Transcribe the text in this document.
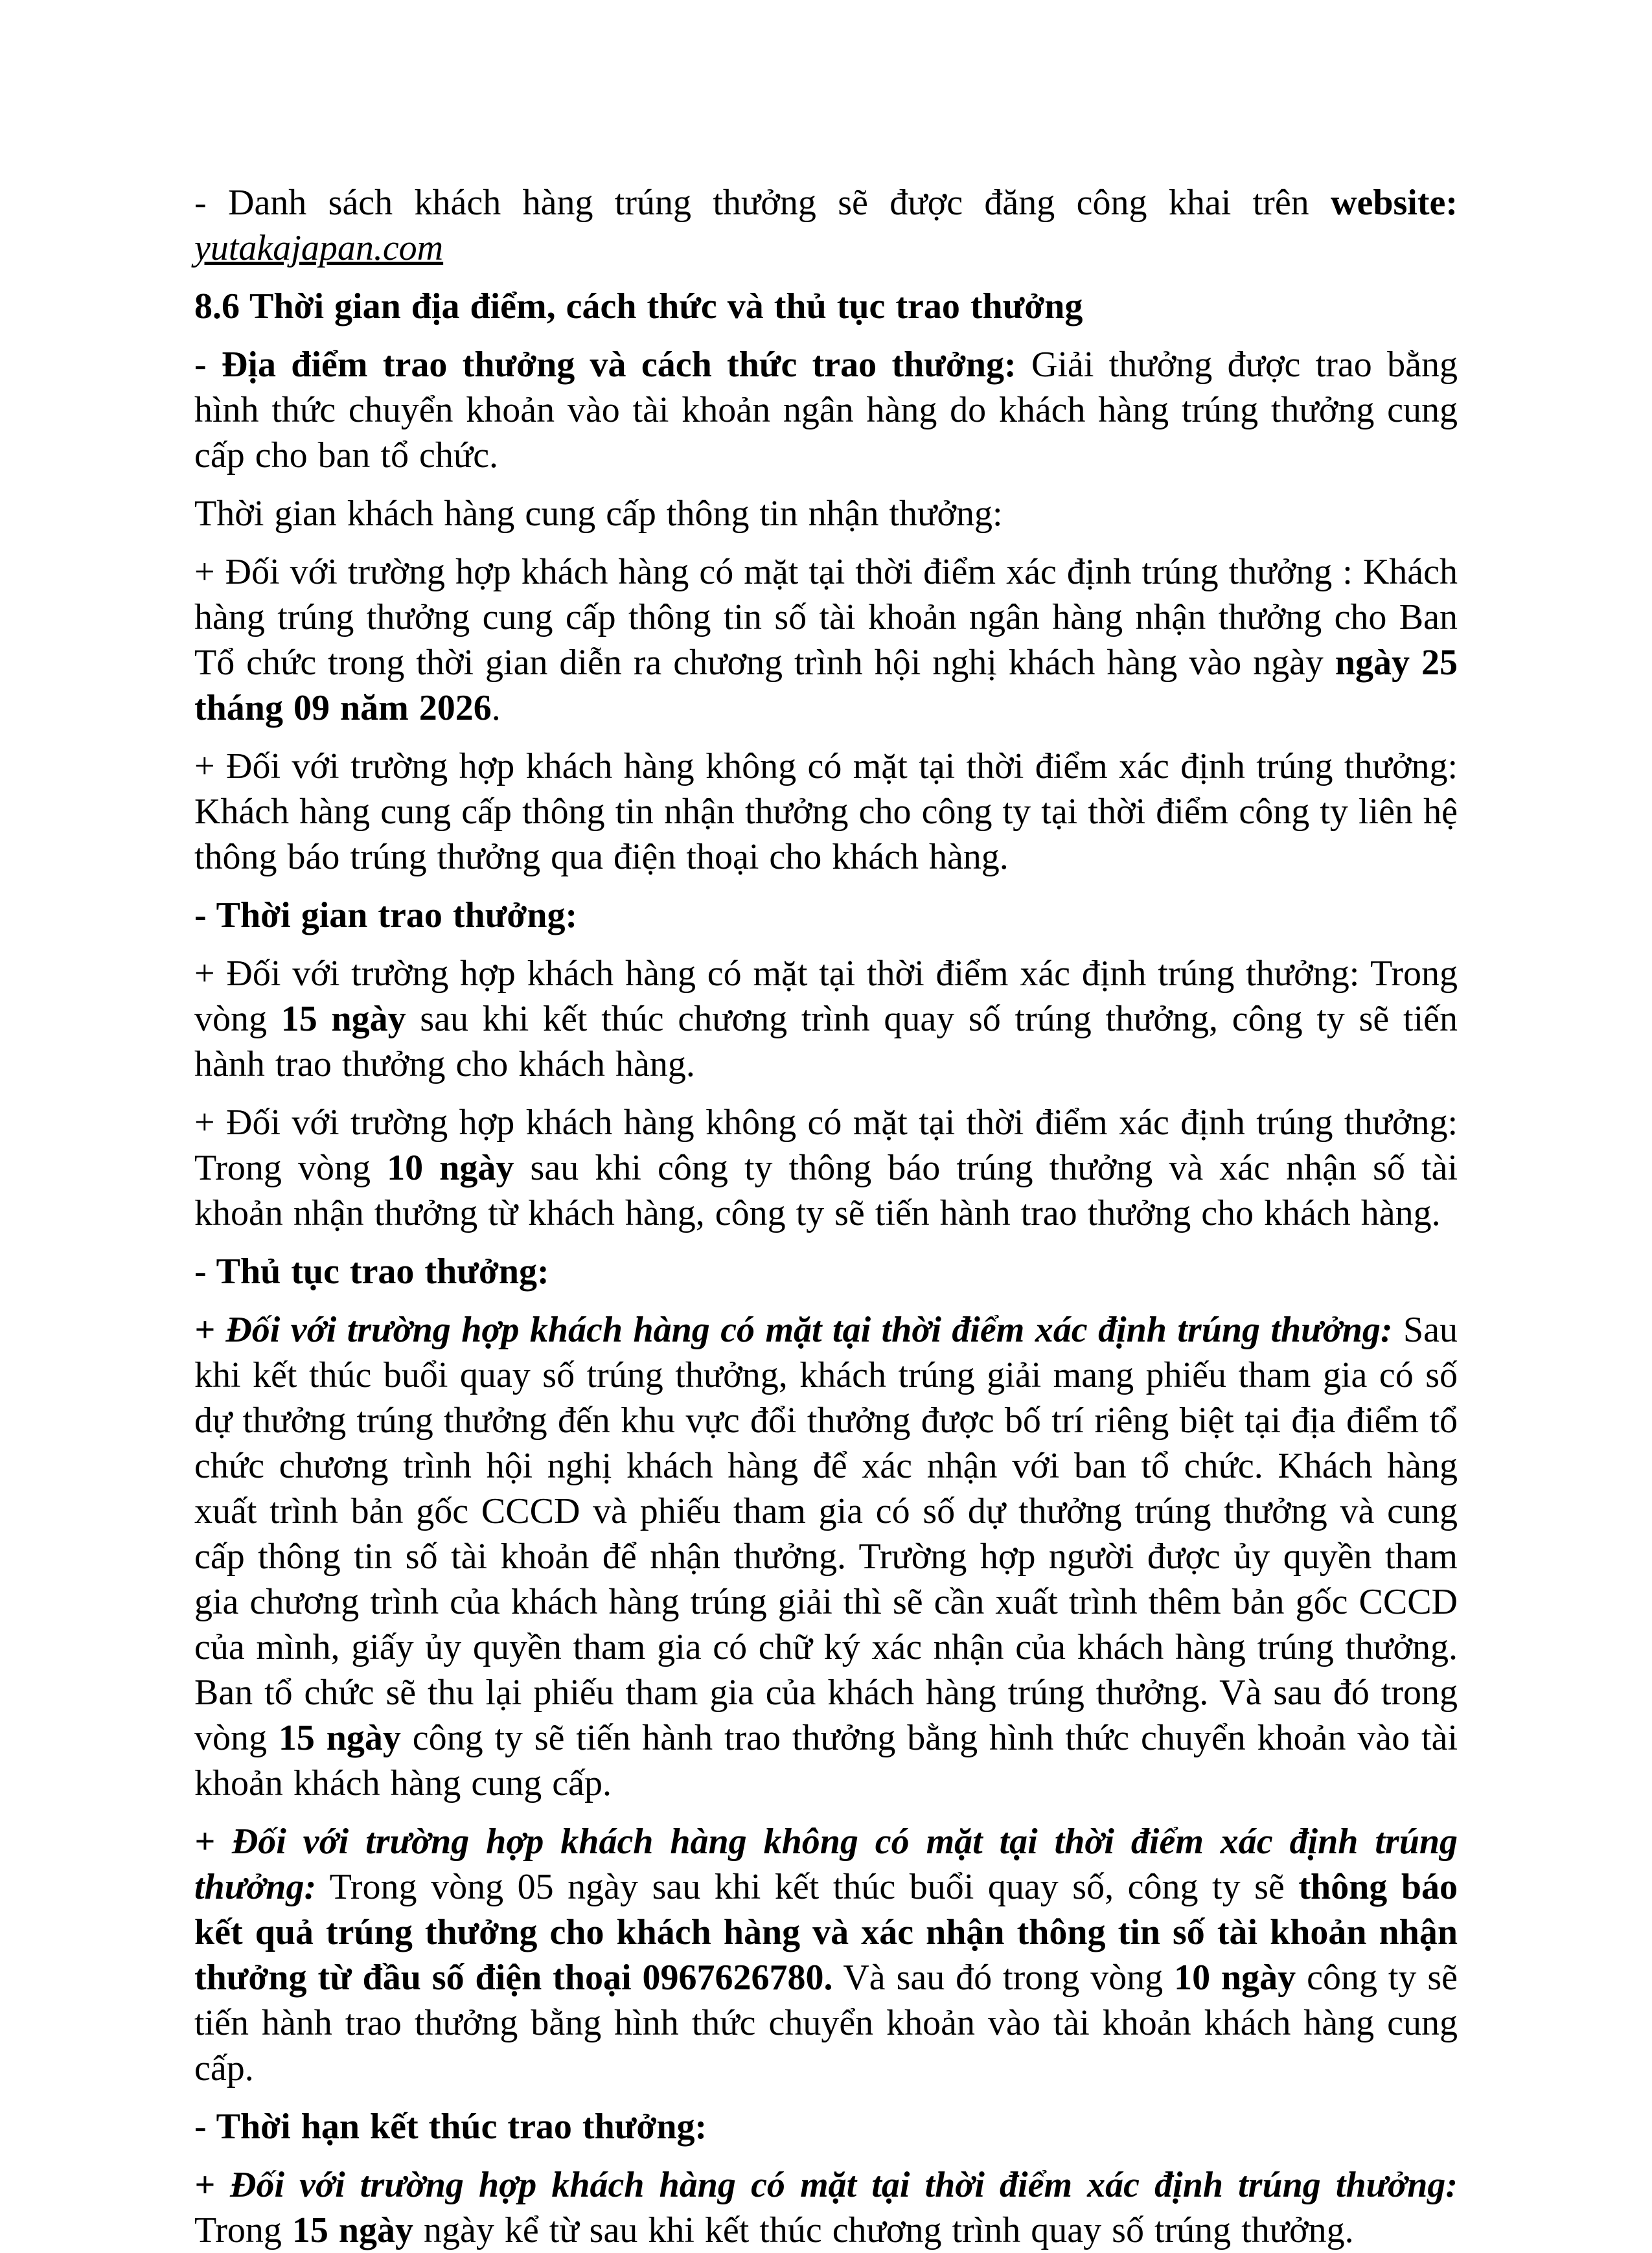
- Danh sách khách hàng trúng thưởng sẽ được đăng công khai trên website: yutakajapan.com

8.6 Thời gian địa điểm, cách thức và thủ tục trao thưởng

- Địa điểm trao thưởng và cách thức trao thưởng: Giải thưởng được trao bằng hình thức chuyển khoản vào tài khoản ngân hàng do khách hàng trúng thưởng cung cấp cho ban tổ chức.

Thời gian khách hàng cung cấp thông tin nhận thưởng:

+ Đối với trường hợp khách hàng có mặt tại thời điểm xác định trúng thưởng : Khách hàng trúng thưởng cung cấp thông tin số tài khoản ngân hàng nhận thưởng cho Ban Tổ chức trong thời gian diễn ra chương trình hội nghị khách hàng vào ngày ngày 25 tháng 09 năm 2026.

+ Đối với trường hợp khách hàng không có mặt tại thời điểm xác định trúng thưởng: Khách hàng cung cấp thông tin nhận thưởng cho công ty tại thời điểm công ty liên hệ thông báo trúng thưởng qua điện thoại cho khách hàng.

- Thời gian trao thưởng:

+ Đối với trường hợp khách hàng có mặt tại thời điểm xác định trúng thưởng: Trong vòng 15 ngày sau khi kết thúc chương trình quay số trúng thưởng, công ty sẽ tiến hành trao thưởng cho khách hàng.

+ Đối với trường hợp khách hàng không có mặt tại thời điểm xác định trúng thưởng: Trong vòng 10 ngày sau khi công ty thông báo trúng thưởng và xác nhận số tài khoản nhận thưởng từ khách hàng, công ty sẽ tiến hành trao thưởng cho khách hàng.

- Thủ tục trao thưởng:

+ Đối với trường hợp khách hàng có mặt tại thời điểm xác định trúng thưởng: Sau khi kết thúc buổi quay số trúng thưởng, khách trúng giải mang phiếu tham gia có số dự thưởng trúng thưởng đến khu vực đổi thưởng được bố trí riêng biệt tại địa điểm tổ chức chương trình hội nghị khách hàng để xác nhận với ban tổ chức. Khách hàng xuất trình bản gốc CCCD và phiếu tham gia có số dự thưởng trúng thưởng và cung cấp thông tin số tài khoản để nhận thưởng. Trường hợp người được ủy quyền tham gia chương trình của khách hàng trúng giải thì sẽ cần xuất trình thêm bản gốc CCCD của mình, giấy ủy quyền tham gia có chữ ký xác nhận của khách hàng trúng thưởng. Ban tổ chức sẽ thu lại phiếu tham gia của khách hàng trúng thưởng. Và sau đó trong vòng 15 ngày công ty sẽ tiến hành trao thưởng bằng hình thức chuyển khoản vào tài khoản khách hàng cung cấp.

+ Đối với trường hợp khách hàng không có mặt tại thời điểm xác định trúng thưởng: Trong vòng 05 ngày sau khi kết thúc buổi quay số, công ty sẽ thông báo kết quả trúng thưởng cho khách hàng và xác nhận thông tin số tài khoản nhận thưởng từ đầu số điện thoại 0967626780. Và sau đó trong vòng 10 ngày công ty sẽ tiến hành trao thưởng bằng hình thức chuyển khoản vào tài khoản khách hàng cung cấp.

- Thời hạn kết thúc trao thưởng:

+ Đối với trường hợp khách hàng có mặt tại thời điểm xác định trúng thưởng: Trong 15 ngày ngày kể từ sau khi kết thúc chương trình quay số trúng thưởng.
